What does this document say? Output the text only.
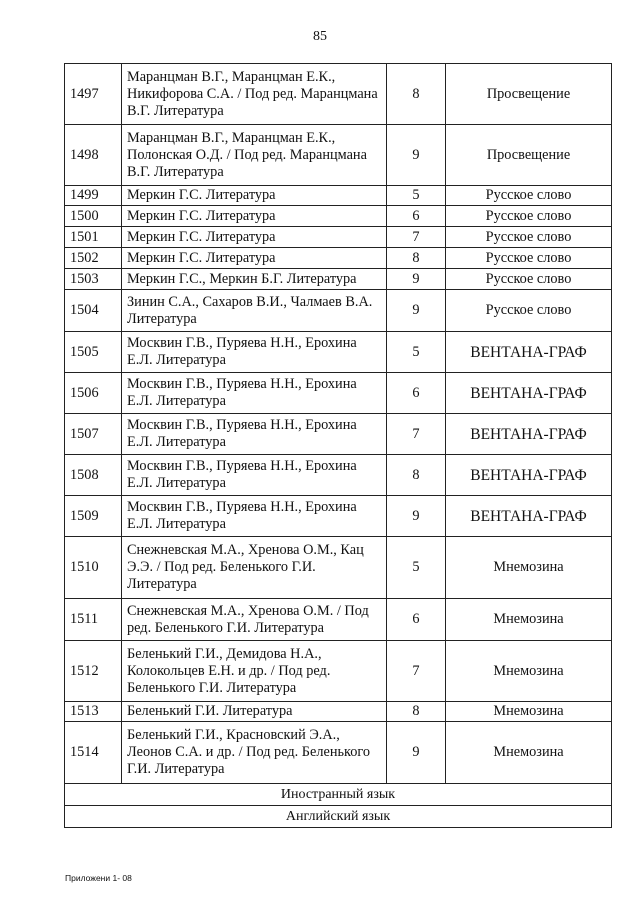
85
1497	Маранцман В.Г., Маранцман Е.К., Никифорова С.А. / Под ред. Маранцмана В.Г. Литература	8	Просвещение
1498	Маранцман В.Г., Маранцман Е.К., Полонская О.Д. / Под ред. Маранцмана В.Г. Литература	9	Просвещение
1499	Меркин Г.С. Литература	5	Русское слово
1500	Меркин Г.С. Литература	6	Русское слово
1501	Меркин Г.С. Литература	7	Русское слово
1502	Меркин Г.С. Литература	8	Русское слово
1503	Меркин Г.С., Меркин Б.Г. Литература	9	Русское слово
1504	Зинин С.А., Сахаров В.И., Чалмаев В.А. Литература	9	Русское слово
1505	Москвин Г.В., Пуряева Н.Н., Ерохина Е.Л. Литература	5	ВЕНТАНА-ГРАФ
1506	Москвин Г.В., Пуряева Н.Н., Ерохина Е.Л. Литература	6	ВЕНТАНА-ГРАФ
1507	Москвин Г.В., Пуряева Н.Н., Ерохина Е.Л. Литература	7	ВЕНТАНА-ГРАФ
1508	Москвин Г.В., Пуряева Н.Н., Ерохина Е.Л. Литература	8	ВЕНТАНА-ГРАФ
1509	Москвин Г.В., Пуряева Н.Н., Ерохина Е.Л. Литература	9	ВЕНТАНА-ГРАФ
1510	Снежневская М.А., Хренова О.М., Кац Э.Э. / Под ред. Беленького Г.И. Литература	5	Мнемозина
1511	Снежневская М.А., Хренова О.М. / Под ред. Беленького Г.И. Литература	6	Мнемозина
1512	Беленький Г.И., Демидова Н.А., Колокольцев Е.Н. и др. / Под ред. Беленького Г.И. Литература	7	Мнемозина
1513	Беленький Г.И. Литература	8	Мнемозина
1514	Беленький Г.И., Красновский Э.А., Леонов С.А. и др. / Под ред. Беленького Г.И. Литература	9	Мнемозина
Иностранный язык			
Английский язык			
Приложени 1- 08
